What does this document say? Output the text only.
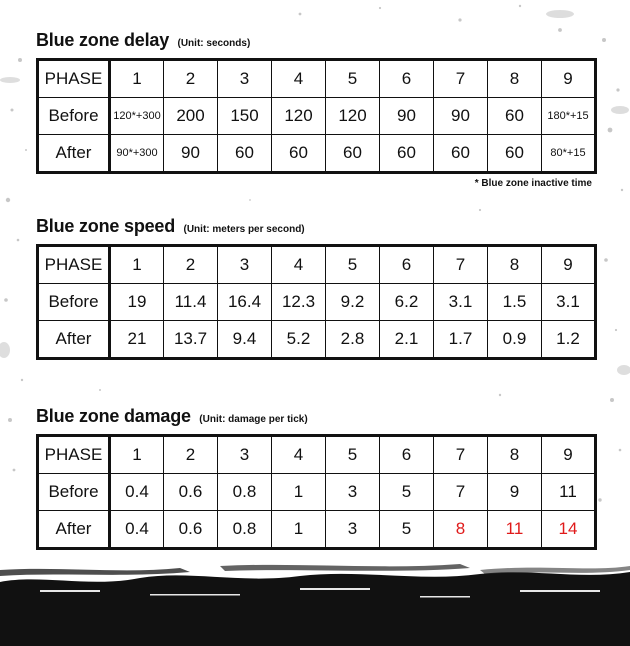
Blue zone delay (Unit: seconds)
PHASE	1	2	3	4	5	6	7	8	9
Before	120*+300	200	150	120	120	90	90	60	180*+15
After	90*+300	90	60	60	60	60	60	60	80*+15
* Blue zone inactive time
Blue zone speed (Unit: meters per second)
PHASE	1	2	3	4	5	6	7	8	9
Before	19	11.4	16.4	12.3	9.2	6.2	3.1	1.5	3.1
After	21	13.7	9.4	5.2	2.8	2.1	1.7	0.9	1.2
Blue zone damage (Unit: damage per tick)
PHASE	1	2	3	4	5	6	7	8	9
Before	0.4	0.6	0.8	1	3	5	7	9	11
After	0.4	0.6	0.8	1	3	5	8	11	14
